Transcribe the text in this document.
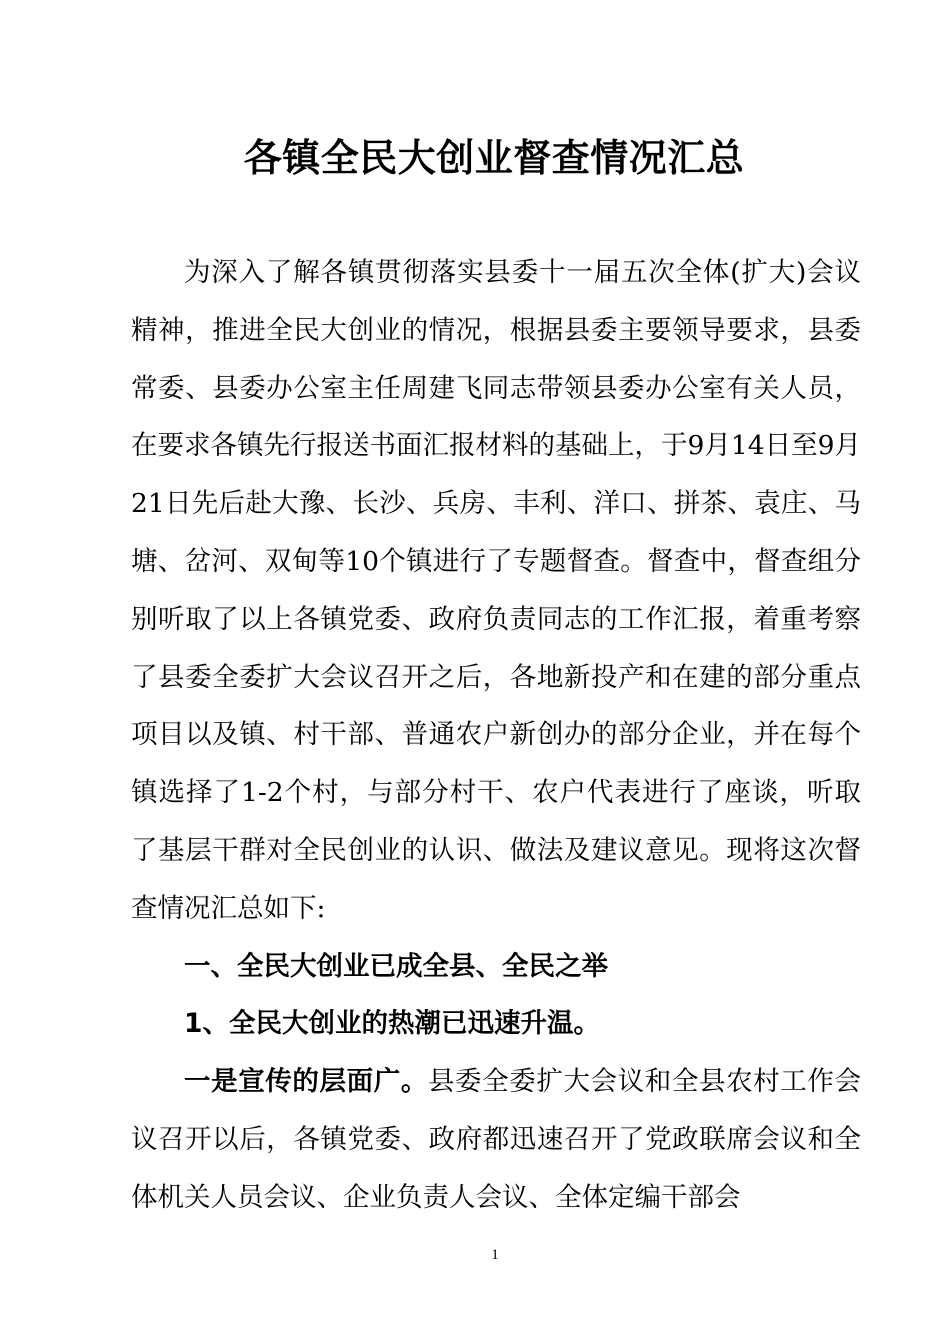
各镇全民大创业督查情况汇总

为深入了解各镇贯彻落实县委十一届五次全体(扩大)会议精神，推进全民大创业的情况，根据县委主要领导要求，县委常委、县委办公室主任周建飞同志带领县委办公室有关人员，在要求各镇先行报送书面汇报材料的基础上，于9月14日至9月21日先后赴大豫、长沙、兵房、丰利、洋口、拼茶、袁庄、马塘、岔河、双甸等10个镇进行了专题督查。督查中，督查组分别听取了以上各镇党委、政府负责同志的工作汇报，着重考察了县委全委扩大会议召开之后，各地新投产和在建的部分重点项目以及镇、村干部、普通农户新创办的部分企业，并在每个镇选择了1-2个村，与部分村干、农户代表进行了座谈，听取了基层干群对全民创业的认识、做法及建议意见。现将这次督查情况汇总如下:

一、全民大创业已成全县、全民之举

1、全民大创业的热潮已迅速升温。

一是宣传的层面广。县委全委扩大会议和全县农村工作会议召开以后，各镇党委、政府都迅速召开了党政联席会议和全体机关人员会议、企业负责人会议、全体定编干部会

1
